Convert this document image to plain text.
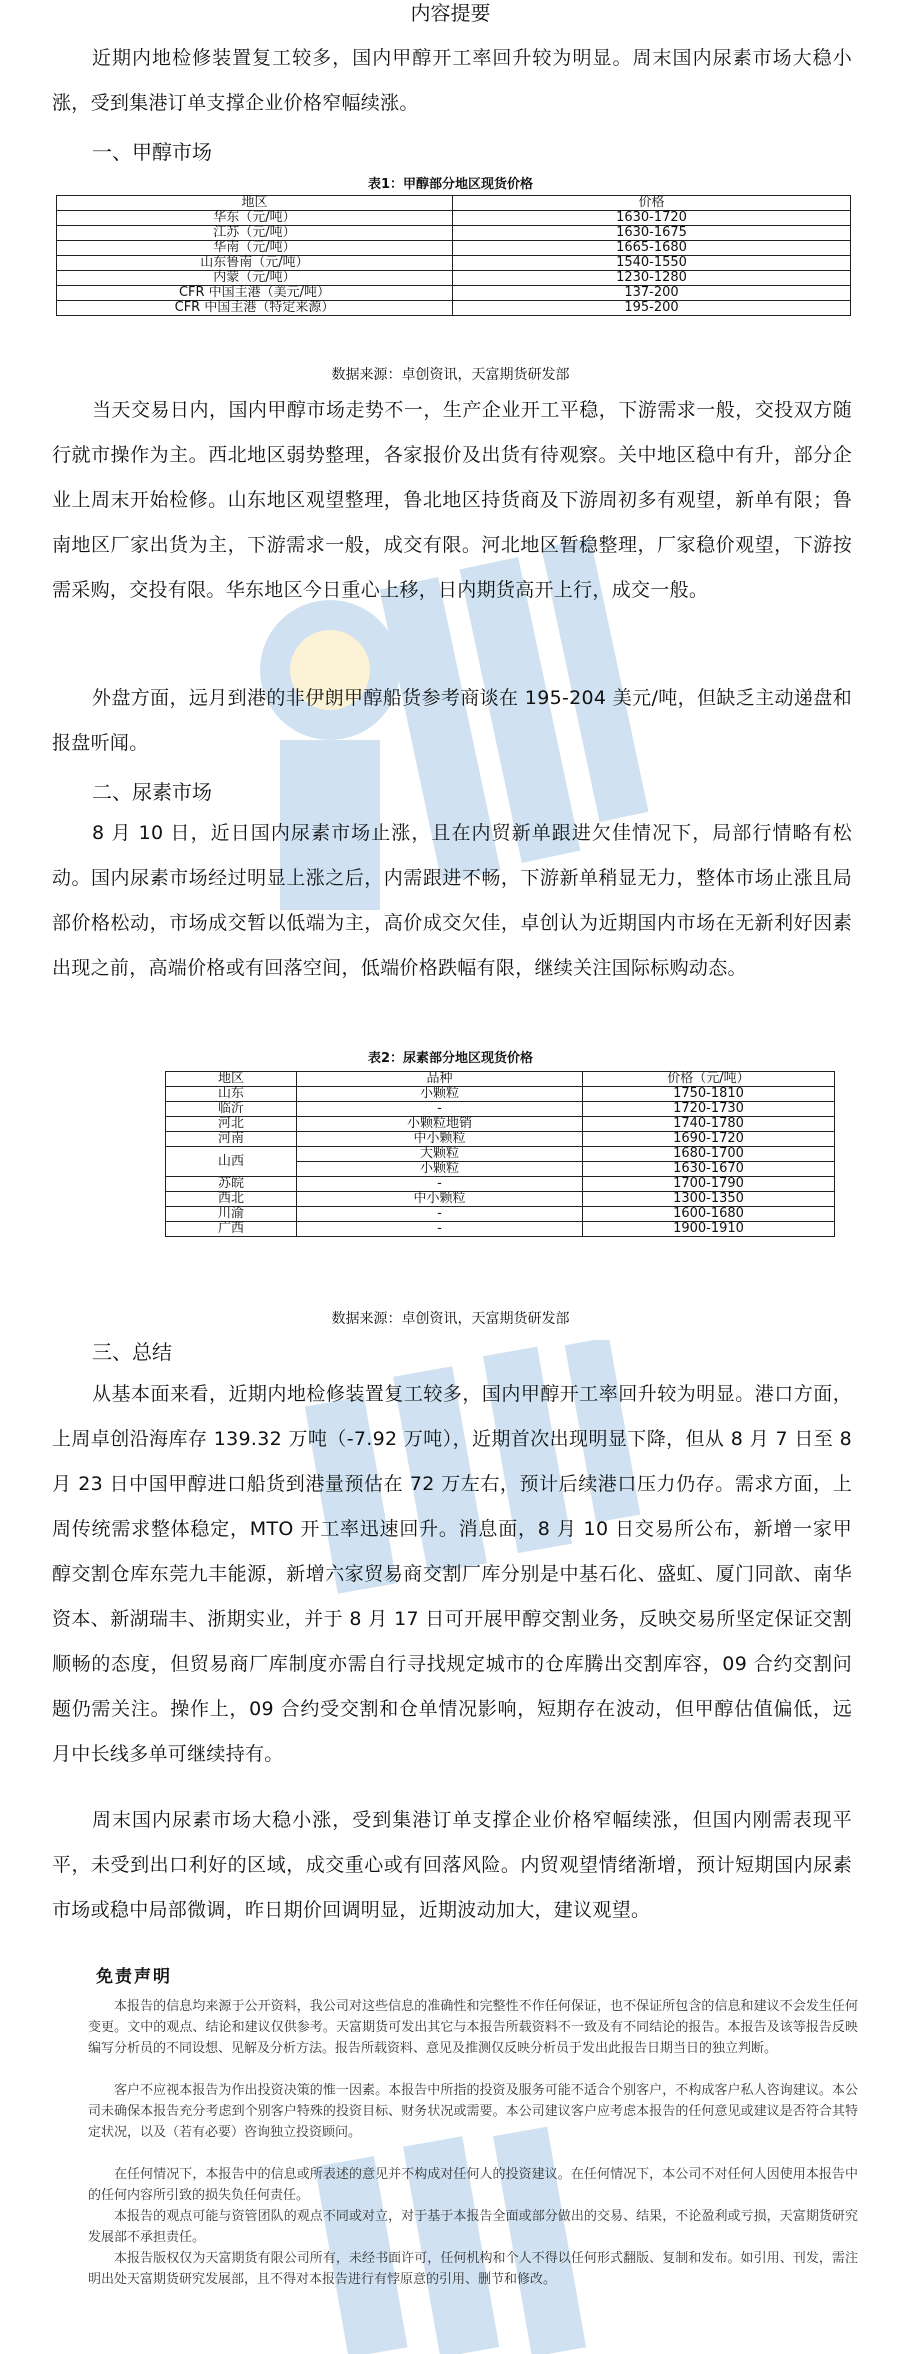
内容提要

近期内地检修装置复工较多，国内甲醇开工率回升较为明显。周末国内尿素市场大稳小涨，受到集港订单支撑企业价格窄幅续涨。

一、甲醇市场
表1：甲醇部分地区现货价格
地区	价格
华东（元/吨）	1630-1720
江苏（元/吨）	1630-1675
华南（元/吨）	1665-1680
山东鲁南（元/吨）	1540-1550
内蒙（元/吨）	1230-1280
CFR 中国主港（美元/吨）	137-200
CFR 中国主港（特定来源）	195-200
数据来源：卓创资讯，天富期货研发部

当天交易日内，国内甲醇市场走势不一，生产企业开工平稳，下游需求一般，交投双方随行就市操作为主。西北地区弱势整理，各家报价及出货有待观察。关中地区稳中有升，部分企业上周末开始检修。山东地区观望整理，鲁北地区持货商及下游周初多有观望，新单有限；鲁南地区厂家出货为主，下游需求一般，成交有限。河北地区暂稳整理，厂家稳价观望，下游按需采购，交投有限。华东地区今日重心上移，日内期货高开上行，成交一般。

外盘方面，远月到港的非伊朗甲醇船货参考商谈在 195-204 美元/吨，但缺乏主动递盘和报盘听闻。

二、尿素市场

8 月 10 日，近日国内尿素市场止涨，且在内贸新单跟进欠佳情况下，局部行情略有松动。国内尿素市场经过明显上涨之后，内需跟进不畅，下游新单稍显无力，整体市场止涨且局部价格松动，市场成交暂以低端为主，高价成交欠佳，卓创认为近期国内市场在无新利好因素出现之前，高端价格或有回落空间，低端价格跌幅有限，继续关注国际标购动态。

表2：尿素部分地区现货价格
地区	品种	价格（元/吨）
山东	小颗粒	1750-1810
临沂	-	1720-1730
河北	小颗粒地销	1740-1780
河南	中小颗粒	1690-1720
山西	大颗粒	1680-1700
	小颗粒	1630-1670
苏皖	-	1700-1790
西北	中小颗粒	1300-1350
川渝	-	1600-1680
广西	-	1900-1910
数据来源：卓创资讯，天富期货研发部
三、总结

从基本面来看，近期内地检修装置复工较多，国内甲醇开工率回升较为明显。港口方面，上周卓创沿海库存 139.32 万吨（-7.92 万吨），近期首次出现明显下降，但从 8 月 7 日至 8 月 23 日中国甲醇进口船货到港量预估在 72 万左右，预计后续港口压力仍存。需求方面，上周传统需求整体稳定，MTO 开工率迅速回升。消息面，8 月 10 日交易所公布，新增一家甲醇交割仓库东莞九丰能源，新增六家贸易商交割厂库分别是中基石化、盛虹、厦门同歆、南华资本、新湖瑞丰、浙期实业，并于 8 月 17 日可开展甲醇交割业务，反映交易所坚定保证交割顺畅的态度，但贸易商厂库制度亦需自行寻找规定城市的仓库腾出交割库容，09 合约交割问题仍需关注。操作上，09 合约受交割和仓单情况影响，短期存在波动，但甲醇估值偏低，远月中长线多单可继续持有。

周末国内尿素市场大稳小涨，受到集港订单支撑企业价格窄幅续涨，但国内刚需表现平平，未受到出口利好的区域，成交重心或有回落风险。内贸观望情绪渐增，预计短期国内尿素市场或稳中局部微调，昨日期价回调明显，近期波动加大，建议观望。

免责声明

本报告的信息均来源于公开资料，我公司对这些信息的准确性和完整性不作任何保证，也不保证所包含的信息和建议不会发生任何变更。文中的观点、结论和建议仅供参考。天富期货可发出其它与本报告所载资料不一致及有不同结论的报告。本报告及该等报告反映编写分析员的不同设想、见解及分析方法。报告所载资料、意见及推测仅反映分析员于发出此报告日期当日的独立判断。

客户不应视本报告为作出投资决策的惟一因素。本报告中所指的投资及服务可能不适合个别客户，不构成客户私人咨询建议。本公司未确保本报告充分考虑到个别客户特殊的投资目标、财务状况或需要。本公司建议客户应考虑本报告的任何意见或建议是否符合其特定状况，以及（若有必要）咨询独立投资顾问。

在任何情况下，本报告中的信息或所表述的意见并不构成对任何人的投资建议。在任何情况下，本公司不对任何人因使用本报告中的任何内容所引致的损失负任何责任。

本报告的观点可能与资管团队的观点不同或对立，对于基于本报告全面或部分做出的交易、结果，不论盈利或亏损，天富期货研究发展部不承担责任。

本报告版权仅为天富期货有限公司所有，未经书面许可，任何机构和个人不得以任何形式翻版、复制和发布。如引用、刊发，需注明出处天富期货研究发展部，且不得对本报告进行有悖原意的引用、删节和修改。
